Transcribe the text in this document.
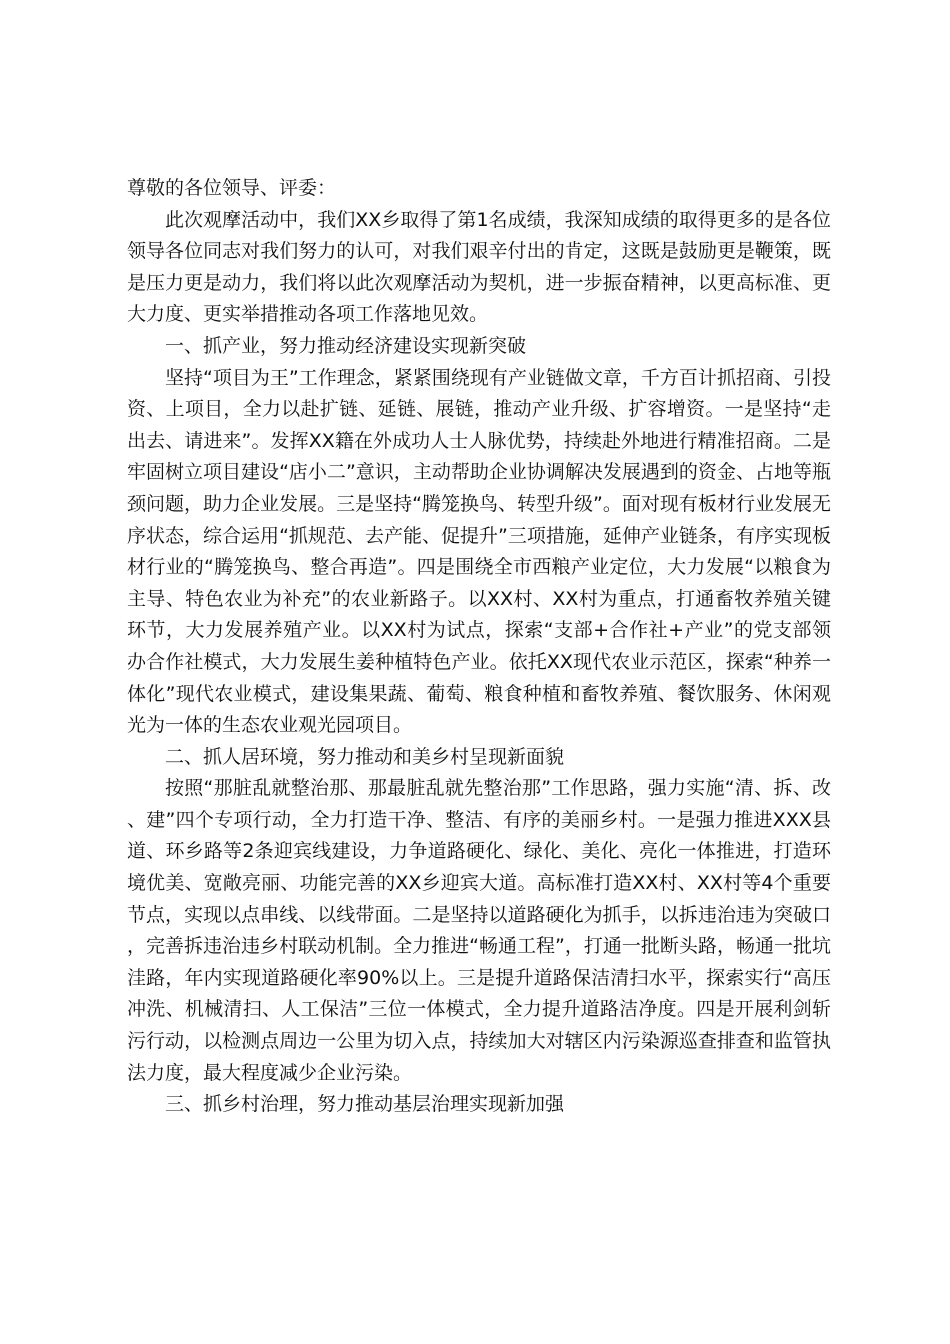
尊敬的各位领导、评委：

此次观摩活动中，我们XX乡取得了第1名成绩，我深知成绩的取得更多的是各位领导各位同志对我们努力的认可，对我们艰辛付出的肯定，这既是鼓励更是鞭策，既是压力更是动力，我们将以此次观摩活动为契机，进一步振奋精神，以更高标准、更大力度、更实举措推动各项工作落地见效。

一、抓产业，努力推动经济建设实现新突破

坚持“项目为王”工作理念，紧紧围绕现有产业链做文章，千方百计抓招商、引投资、上项目，全力以赴扩链、延链、展链，推动产业升级、扩容增资。一是坚持“走出去、请进来”。发挥XX籍在外成功人士人脉优势，持续赴外地进行精准招商。二是牢固树立项目建设“店小二”意识，主动帮助企业协调解决发展遇到的资金、占地等瓶颈问题，助力企业发展。三是坚持“腾笼换鸟、转型升级”。面对现有板材行业发展无序状态，综合运用“抓规范、去产能、促提升”三项措施，延伸产业链条，有序实现板材行业的“腾笼换鸟、整合再造”。四是围绕全市西粮产业定位，大力发展“以粮食为主导、特色农业为补充”的农业新路子。以XX村、XX村为重点，打通畜牧养殖关键环节，大力发展养殖产业。以XX村为试点，探索“支部+合作社+产业”的党支部领办合作社模式，大力发展生姜种植特色产业。依托XX现代农业示范区，探索“种养一体化”现代农业模式，建设集果蔬、葡萄、粮食种植和畜牧养殖、餐饮服务、休闲观光为一体的生态农业观光园项目。

二、抓人居环境，努力推动和美乡村呈现新面貌

按照“那脏乱就整治那、那最脏乱就先整治那”工作思路，强力实施“清、拆、改、建”四个专项行动，全力打造干净、整洁、有序的美丽乡村。一是强力推进XXX县道、环乡路等2条迎宾线建设，力争道路硬化、绿化、美化、亮化一体推进，打造环境优美、宽敞亮丽、功能完善的XX乡迎宾大道。高标准打造XX村、XX村等4个重要节点，实现以点串线、以线带面。二是坚持以道路硬化为抓手，以拆违治违为突破口，完善拆违治违乡村联动机制。全力推进“畅通工程”，打通一批断头路，畅通一批坑洼路，年内实现道路硬化率90%以上。三是提升道路保洁清扫水平，探索实行“高压冲洗、机械清扫、人工保洁”三位一体模式，全力提升道路洁净度。四是开展利剑斩污行动，以检测点周边一公里为切入点，持续加大对辖区内污染源巡查排查和监管执法力度，最大程度减少企业污染。

三、抓乡村治理，努力推动基层治理实现新加强
